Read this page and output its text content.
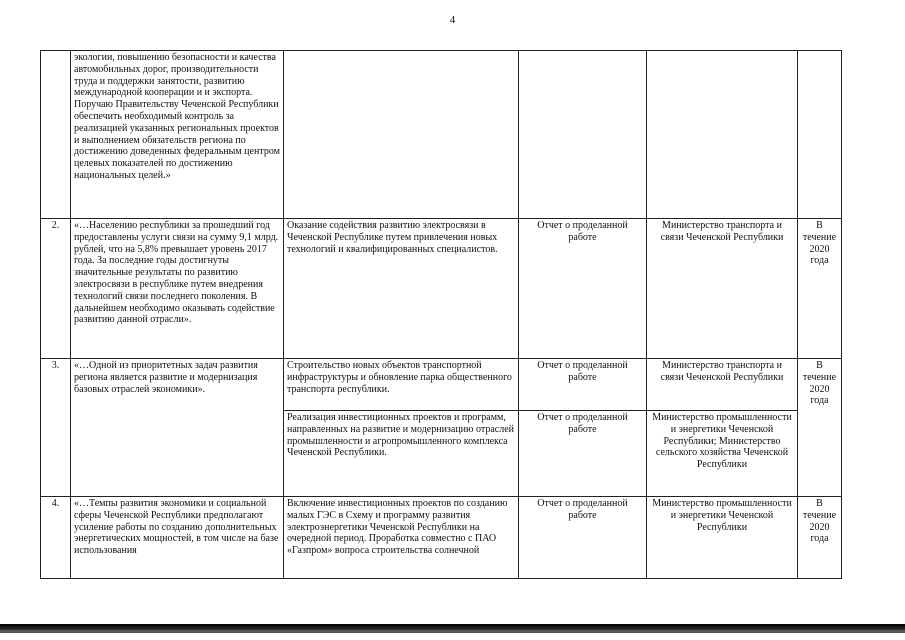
4
	экологии, повышению безопасности и качества автомобильных дорог, производительности труда и поддержки занятости, развитию международной кооперации и и экспорта. Поручаю Правительству Чеченской Республики обеспечить необходимый контроль за реализацией указанных региональных проектов и выполнением обязательств региона по достижению доведенных федеральным центром целевых показателей по достижению национальных целей.»				
2.	«…Населению республики за прошедший год предоставлены услуги связи на сумму 9,1 млрд. рублей, что на 5,8% превышает уровень 2017 года. За последние годы достигнуты значительные результаты по развитию электросвязи в республике путем внедрения технологий связи последнего поколения. В дальнейшем необходимо оказывать содействие развитию данной отрасли».	Оказание содействия развитию электросвязи в Чеченской Республике путем привлечения новых технологий и квалифицированных специалистов.	Отчет о проделанной работе	Министерство транспорта и связи Чеченской Республики	В течение 2020 года
3.	«…Одной из приоритетных задач развития региона является развитие и модернизация базовых отраслей экономики».	Строительство новых объектов транспортной инфраструктуры и обновление парка общественного транспорта республики.	Отчет о проделанной работе	Министерство транспорта и связи Чеченской Республики	В течение 2020 года
		Реализация инвестиционных проектов и программ, направленных на развитие и модернизацию отраслей промышленности и агропромышленного комплекса Чеченской Республики.	Отчет о проделанной работе	Министерство промышленности и энергетики Чеченской Республики; Министерство сельского хозяйства Чеченской Республики	
4.	«…Темпы развития экономики и социальной сферы Чеченской Республики предполагают усиление работы по созданию дополнительных энергетических мощностей, в том числе на базе использования	Включение инвестиционных проектов по созданию малых ГЭС в Схему и программу развития электроэнергетики Чеченской Республики на очередной период. Проработка совместно с ПАО «Газпром» вопроса строительства солнечной	Отчет о проделанной работе	Министерство промышленности и энергетики Чеченской Республики	В течение 2020 года
